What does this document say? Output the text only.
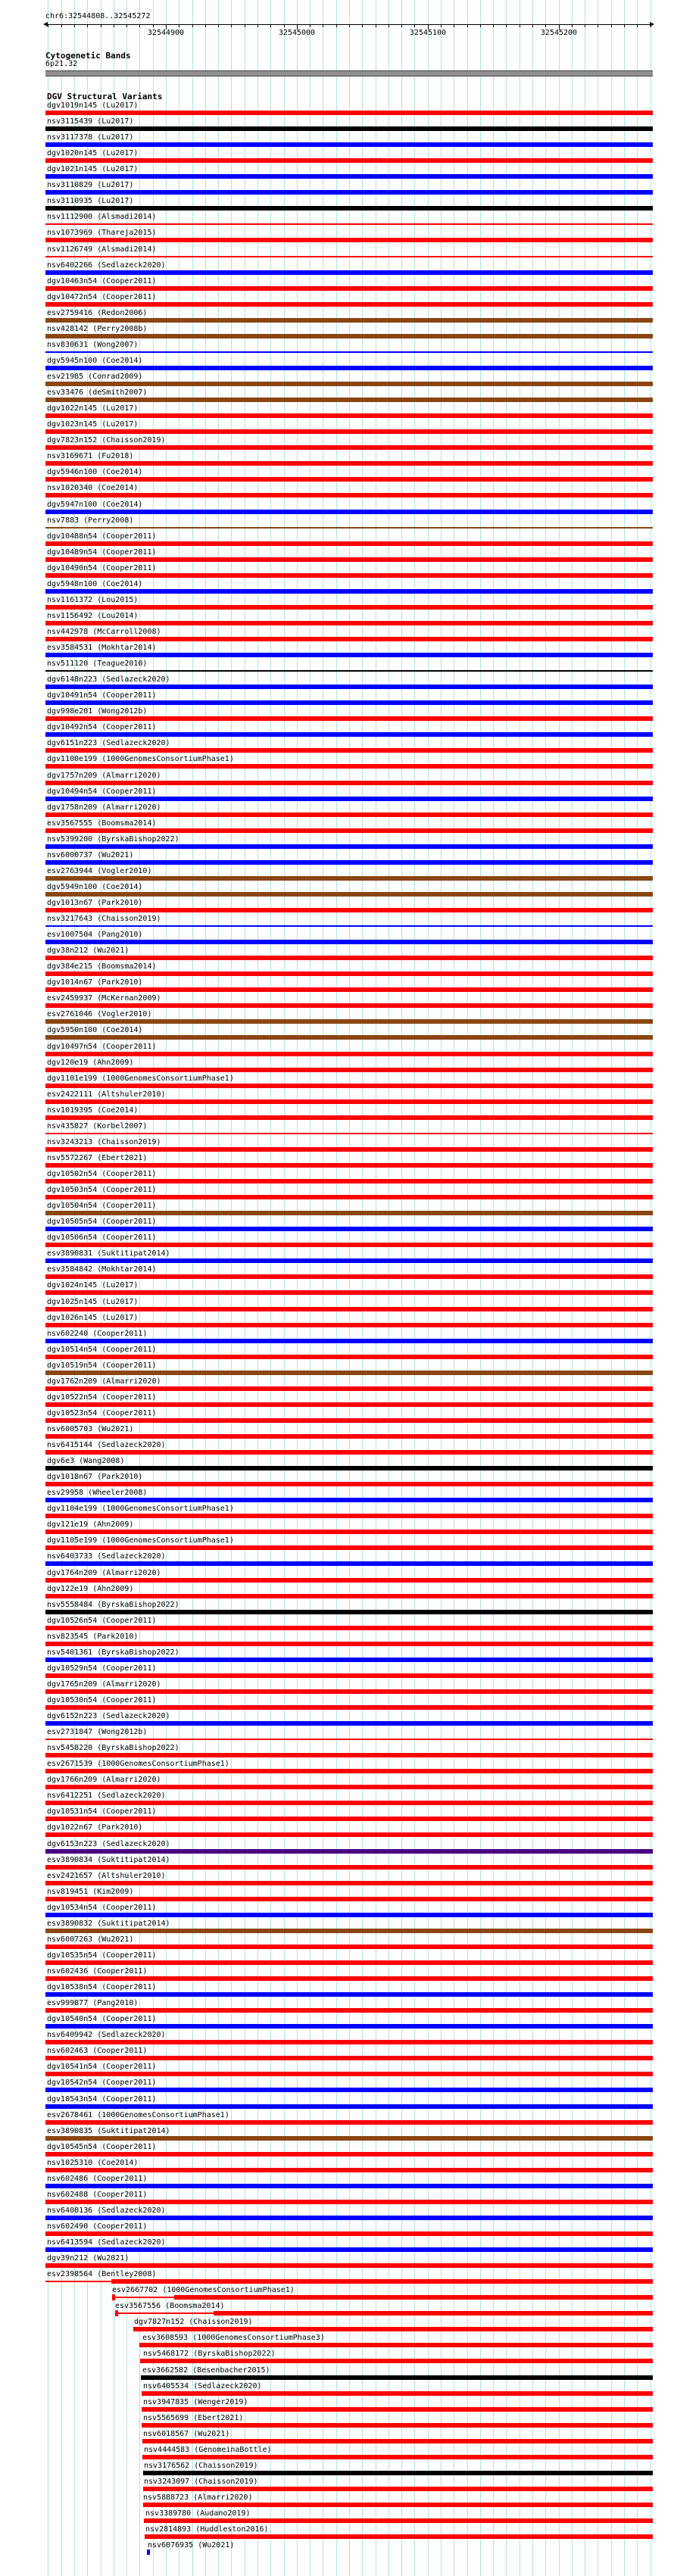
chr6:32544808..32545272
32544900	32545000	32545100	32545200
Cytogenetic Bands
6p21.32
DGV Structural Variants
dgv1019n145 (Lu2017)
nsv3115439 (Lu2017)
nsv3117378 (Lu2017)
dgv1020n145 (Lu2017)
dgv1021n145 (Lu2017)
nsv3110829 (Lu2017)
nsv3110935 (Lu2017)
nsv1112900 (Alsmadi2014)
nsv1073969 (Thareja2015)
nsv1126749 (Alsmadi2014)
nsv6402266 (Sedlazeck2020)
dgv10463n54 (Cooper2011)
dgv10472n54 (Cooper2011)
esv2759416 (Redon2006)
nsv428142 (Perry2008b)
nsv830631 (Wong2007)
dgv5945n100 (Coe2014)
esv21985 (Conrad2009)
esv33476 (deSmith2007)
dgv1022n145 (Lu2017)
dgv1023n145 (Lu2017)
dgv7823n152 (Chaisson2019)
nsv3169671 (Fu2018)
dgv5946n100 (Coe2014)
nsv1020340 (Coe2014)
dgv5947n100 (Coe2014)
nsv7883 (Perry2008)
dgv10488n54 (Cooper2011)
dgv10489n54 (Cooper2011)
dgv10490n54 (Cooper2011)
dgv5948n100 (Coe2014)
nsv1161372 (Lou2015)
nsv1156492 (Lou2014)
nsv442978 (McCarroll2008)
esv3584531 (Mokhtar2014)
nsv511120 (Teague2010)
dgv6148n223 (Sedlazeck2020)
dgv10491n54 (Cooper2011)
dgv998e201 (Wong2012b)
dgv10492n54 (Cooper2011)
dgv6151n223 (Sedlazeck2020)
dgv1100e199 (1000GenomesConsortiumPhase1)
dgv1757n209 (Almarri2020)
dgv10494n54 (Cooper2011)
dgv1758n209 (Almarri2020)
esv3567555 (Boomsma2014)
nsv5399200 (ByrskaBishop2022)
nsv6000737 (Wu2021)
esv2763944 (Vogler2010)
dgv5949n100 (Coe2014)
dgv1013n67 (Park2010)
nsv3217643 (Chaisson2019)
esv1007504 (Pang2010)
dgv38n212 (Wu2021)
dgv384e215 (Boomsma2014)
dgv1014n67 (Park2010)
esv2459937 (McKernan2009)
esv2761046 (Vogler2010)
dgv5950n100 (Coe2014)
dgv10497n54 (Cooper2011)
dgv120e19 (Ahn2009)
dgv1101e199 (1000GenomesConsortiumPhase1)
esv2422111 (Altshuler2010)
nsv1019395 (Coe2014)
nsv435827 (Korbel2007)
nsv3243213 (Chaisson2019)
nsv5572267 (Ebert2021)
dgv10502n54 (Cooper2011)
dgv10503n54 (Cooper2011)
dgv10504n54 (Cooper2011)
dgv10505n54 (Cooper2011)
dgv10506n54 (Cooper2011)
esv3890831 (Suktitipat2014)
esv3584842 (Mokhtar2014)
dgv1024n145 (Lu2017)
dgv1025n145 (Lu2017)
dgv1026n145 (Lu2017)
nsv602240 (Cooper2011)
dgv10514n54 (Cooper2011)
dgv10519n54 (Cooper2011)
dgv1762n209 (Almarri2020)
dgv10522n54 (Cooper2011)
dgv10523n54 (Cooper2011)
nsv6005703 (Wu2021)
nsv6415144 (Sedlazeck2020)
dgv6e3 (Wang2008)
dgv1018n67 (Park2010)
esv29958 (Wheeler2008)
dgv1104e199 (1000GenomesConsortiumPhase1)
dgv121e19 (Ahn2009)
dgv1105e199 (1000GenomesConsortiumPhase1)
nsv6403733 (Sedlazeck2020)
dgv1764n209 (Almarri2020)
dgv122e19 (Ahn2009)
nsv5558484 (ByrskaBishop2022)
dgv10526n54 (Cooper2011)
nsv823545 (Park2010)
nsv5401361 (ByrskaBishop2022)
dgv10529n54 (Cooper2011)
dgv1765n209 (Almarri2020)
dgv10530n54 (Cooper2011)
dgv6152n223 (Sedlazeck2020)
esv2731847 (Wong2012b)
nsv5458220 (ByrskaBishop2022)
esv2671539 (1000GenomesConsortiumPhase1)
dgv1766n209 (Almarri2020)
nsv6412251 (Sedlazeck2020)
dgv10531n54 (Cooper2011)
dgv1022n67 (Park2010)
dgv6153n223 (Sedlazeck2020)
esv3890834 (Suktitipat2014)
esv2421657 (Altshuler2010)
nsv819451 (Kim2009)
dgv10534n54 (Cooper2011)
esv3890832 (Suktitipat2014)
nsv6007263 (Wu2021)
dgv10535n54 (Cooper2011)
nsv602436 (Cooper2011)
dgv10538n54 (Cooper2011)
esv999877 (Pang2010)
dgv10540n54 (Cooper2011)
nsv6409942 (Sedlazeck2020)
nsv602463 (Cooper2011)
dgv10541n54 (Cooper2011)
dgv10542n54 (Cooper2011)
dgv10543n54 (Cooper2011)
esv2678461 (1000GenomesConsortiumPhase1)
esv3890835 (Suktitipat2014)
dgv10545n54 (Cooper2011)
nsv1025310 (Coe2014)
nsv602486 (Cooper2011)
nsv602488 (Cooper2011)
nsv6408136 (Sedlazeck2020)
nsv602490 (Cooper2011)
nsv6413594 (Sedlazeck2020)
dgv39n212 (Wu2021)
esv2398564 (Bentley2008)
esv2667702 (1000GenomesConsortiumPhase1)
esv3567556 (Boomsma2014)
dgv7827n152 (Chaisson2019)
esv3608593 (1000GenomesConsortiumPhase3)
nsv5468172 (ByrskaBishop2022)
esv3662582 (Besenbacher2015)
nsv6405534 (Sedlazeck2020)
nsv3947835 (Wenger2019)
nsv5565699 (Ebert2021)
nsv6018567 (Wu2021)
nsv4444583 (GenomeinaBottle)
nsv3176562 (Chaisson2019)
nsv3243097 (Chaisson2019)
nsv5888723 (Almarri2020)
nsv3389780 (Audano2019)
nsv2814893 (Huddleston2016)
nsv6076935 (Wu2021)
